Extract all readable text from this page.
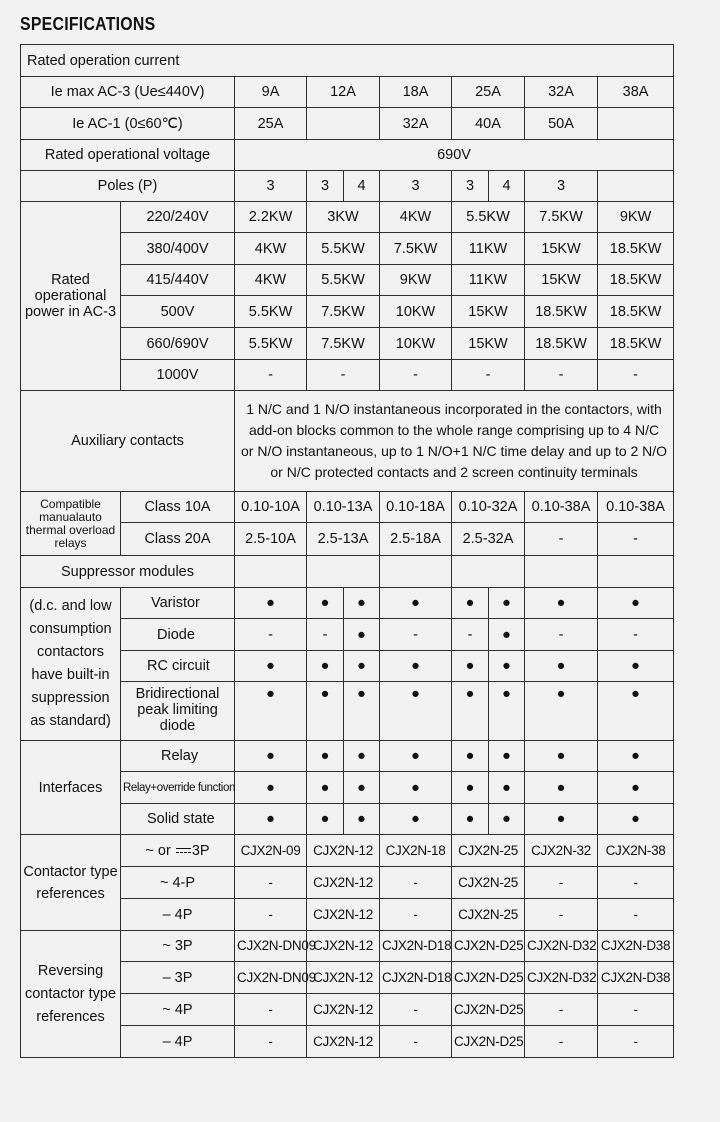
SPECIFICATIONS
Rated operation current									
Ie max AC-3 (Ue≤440V)		9A	12A		18A	25A		32A	38A
Ie AC-1 (0≤60℃)		25A			32A	40A		50A	
Rated operational voltage		690V							
Poles (P)		3	3	4	3	3	4	3	
Rated operational power in AC-3	220/240V	2.2KW	3KW		4KW	5.5KW		7.5KW	9KW
	380/400V	4KW	5.5KW		7.5KW	11KW		15KW	18.5KW
	415/440V	4KW	5.5KW		9KW	11KW		15KW	18.5KW
	500V	5.5KW	7.5KW		10KW	15KW		18.5KW	18.5KW
	660/690V	5.5KW	7.5KW		10KW	15KW		18.5KW	18.5KW
	1000V	-	-		-	-		-	-
Auxiliary contacts		1 N/C and 1 N/O instantaneous incorporated in the contactors, with add-on blocks common to the whole range comprising up to 4 N/C or N/O instantaneous, up to 1 N/O+1 N/C time delay and up to 2 N/O or N/C protected contacts and 2 screen continuity terminals							
Compatible manualauto thermal overload relays	Class 10A	0.10-10A	0.10-13A		0.10-18A	0.10-32A		0.10-38A	0.10-38A
	Class 20A	2.5-10A	2.5-13A		2.5-18A	2.5-32A		-	-
Suppressor modules									
(d.c. and low consumption contactors have built-in suppression as standard)	Varistor	●	●	●	●	●	●	●	●
	Diode	-	-	●	-	-	●	-	-
	RC circuit	●	●	●	●	●	●	●	●
	Bridirectional peak limiting diode	●	●	●	●	●	●	●	●
Interfaces	Relay	●	●	●	●	●	●	●	●
	Relay+override function	●	●	●	●	●	●	●	●
	Solid state	●	●	●	●	●	●	●	●
Contactor type references	~ or 3P	CJX2N-09	CJX2N-12		CJX2N-18	CJX2N-25		CJX2N-32	CJX2N-38
	~ 4-P	-	CJX2N-12		-	CJX2N-25		-	-
	– 4P	-	CJX2N-12		-	CJX2N-25		-	-
Reversing contactor type references	~ 3P	CJX2N-DN09	CJX2N-12		CJX2N-D18	CJX2N-D25		CJX2N-D32	CJX2N-D38
	– 3P	CJX2N-DN09	CJX2N-12		CJX2N-D18	CJX2N-D25		CJX2N-D32	CJX2N-D38
	~ 4P	-	CJX2N-12		-	CJX2N-D25		-	-
	– 4P	-	CJX2N-12		-	CJX2N-D25		-	-
